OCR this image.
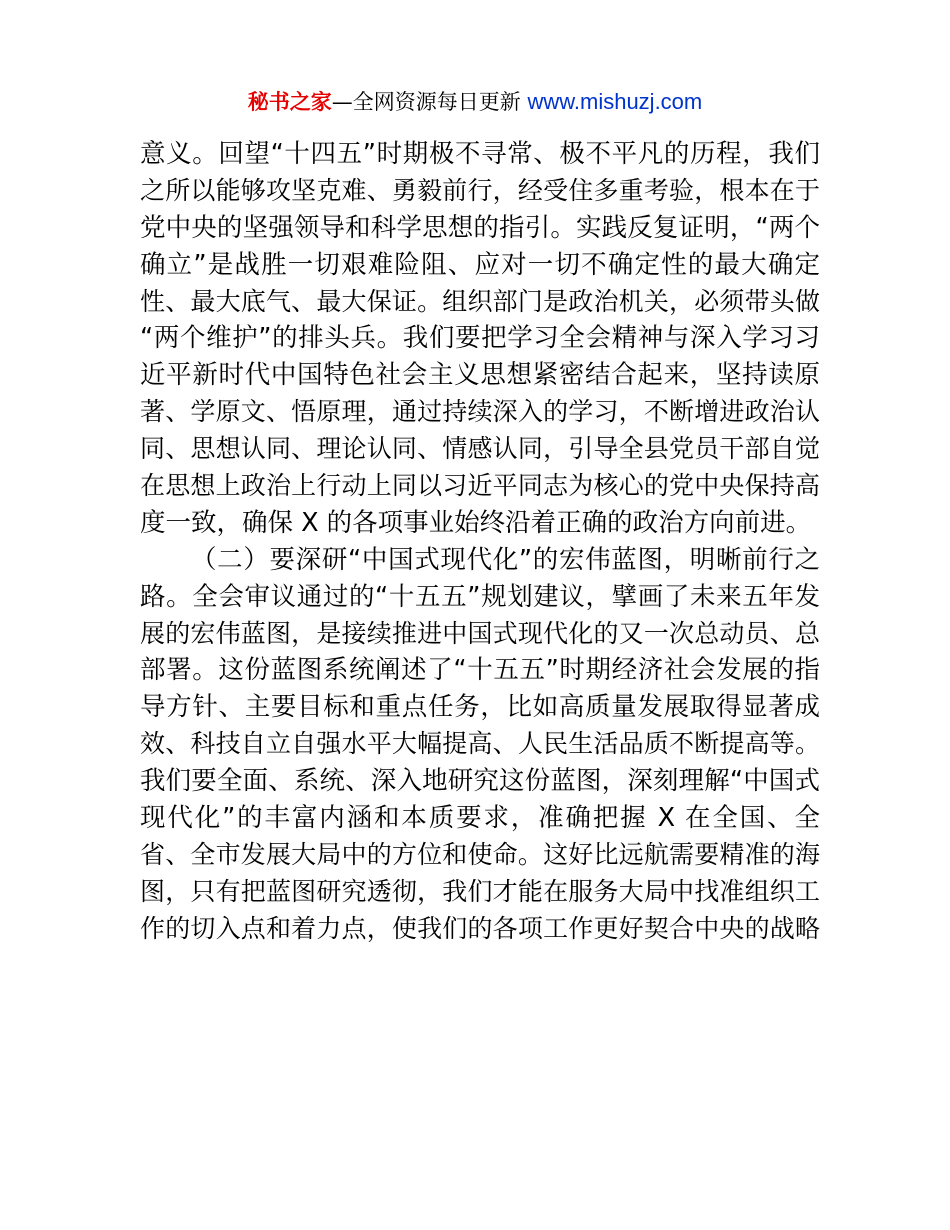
秘书之家—全网资源每日更新 www.mishuzj.com
意义。回望“十四五”时期极不寻常、极不平凡的历程，我们
之所以能够攻坚克难、勇毅前行，经受住多重考验，根本在于
党中央的坚强领导和科学思想的指引。实践反复证明，“两个
确立”是战胜一切艰难险阻、应对一切不确定性的最大确定
性、最大底气、最大保证。组织部门是政治机关，必须带头做
“两个维护”的排头兵。我们要把学习全会精神与深入学习习
近平新时代中国特色社会主义思想紧密结合起来，坚持读原
著、学原文、悟原理，通过持续深入的学习，不断增进政治认
同、思想认同、理论认同、情感认同，引导全县党员干部自觉
在思想上政治上行动上同以习近平同志为核心的党中央保持高
度一致，确保 X 的各项事业始终沿着正确的政治方向前进。
（二）要深研“中国式现代化”的宏伟蓝图，明晰前行之
路。全会审议通过的“十五五”规划建议，擘画了未来五年发
展的宏伟蓝图，是接续推进中国式现代化的又一次总动员、总
部署。这份蓝图系统阐述了“十五五”时期经济社会发展的指
导方针、主要目标和重点任务，比如高质量发展取得显著成
效、科技自立自强水平大幅提高、人民生活品质不断提高等。
我们要全面、系统、深入地研究这份蓝图，深刻理解“中国式
现代化”的丰富内涵和本质要求，准确把握 X 在全国、全
省、全市发展大局中的方位和使命。这好比远航需要精准的海
图，只有把蓝图研究透彻，我们才能在服务大局中找准组织工
作的切入点和着力点，使我们的各项工作更好契合中央的战略
